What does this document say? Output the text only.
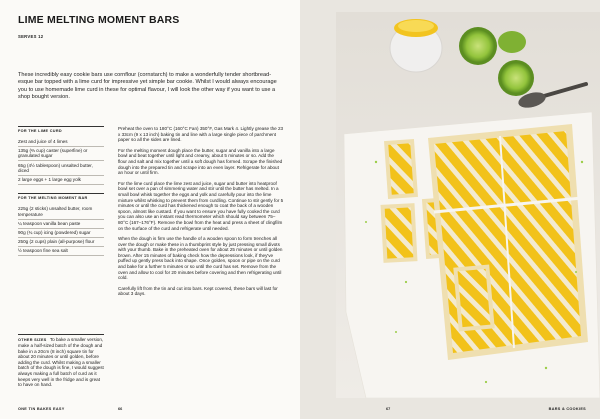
LIME MELTING MOMENT BARS
SERVES 12

These incredibly easy cookie bars use cornflour (cornstarch) to make a wonderfully tender shortbread-esque bar topped with a lime curd for impressive yet simple bar cookie. Whilst I would always encourage you to use homemade lime curd in these for optimal flavour, I will look the other way if you want to use a shop bought version.

FOR THE LIME CURD
Zest and juice of 4 limes
135g (⅔ cup) caster (superfine) or granulated sugar
65g (4½ tablespoon) unsalted butter, diced
2 large eggs + 1 large egg yolk
FOR THE MELTING MOMENT BAR
225g (2 sticks) unsalted butter, room temperature
¼ teaspoon vanilla bean paste
90g (¾ cup) icing (powdered) sugar
250g (2 cups) plain (all-purpose) flour
½ teaspoon fine sea salt

Preheat the oven to 180°C (160°C Fan) 350°F, Gas Mark 4. Lightly grease the 23 x 33cm (9 x 13 inch) baking tin and line with a large single piece of parchment paper so all the sides are lined.

For the melting moment dough place the butter, sugar and vanilla into a large bowl and beat together until light and creamy, about 5 minutes or so. Add the flour and salt and mix together until a soft dough has formed. Scrape the finished dough into the prepared tin and scrape into an even layer. Refrigerate for about an hour or until firm.

For the lime curd place the lime zest and juice, sugar and butter into heatproof bowl set over a pan of simmering water and stir until the butter has melted. In a small bowl whisk together the eggs and yolk and carefully pour into the lime mixture whilst whisking to prevent them from curdling. Continue to stir gently for 5 minutes or until the curd has thickened enough to coat the back of a wooden spoon, almost like custard. If you want to ensure you have fully cooked the curd you can also use an instant read thermometer which should say between 75–80°C (167–176°F). Remove the bowl from the heat and press a sheet of clingfilm on the surface of the curd and refrigerate until needed.

When the dough is firm use the handle of a wooden spoon to form trenches all over the dough or make these in a thumbprint style by just pressing small divots with your thumb. Bake in the preheated oven for about 25 minutes or until golden brown. After 15 minutes of baking check how the depressions look, if they've puffed up gently press back into shape. Once golden, spoon or pipe on the curd and bake for a further 5 minutes or so until the curd has set. Remove from the oven and allow to cool for 20 minutes before covering and then refrigerating until cold.

Carefully lift from the tin and cut into bars. Kept covered, these bars will last for about 3 days.

OTHER SIZES To bake a smaller version, make a half-sized batch of the dough and bake in a 20cm (8 inch) square tin for about 20 minutes or until golden, before adding the curd. Whilst making a smaller batch of the dough is fine, I would suggest always making a full batch of curd as it keeps very well in the fridge and is great to have on hand.
ONE TIN BAKES EASY	66	67	BARS & COOKIES
